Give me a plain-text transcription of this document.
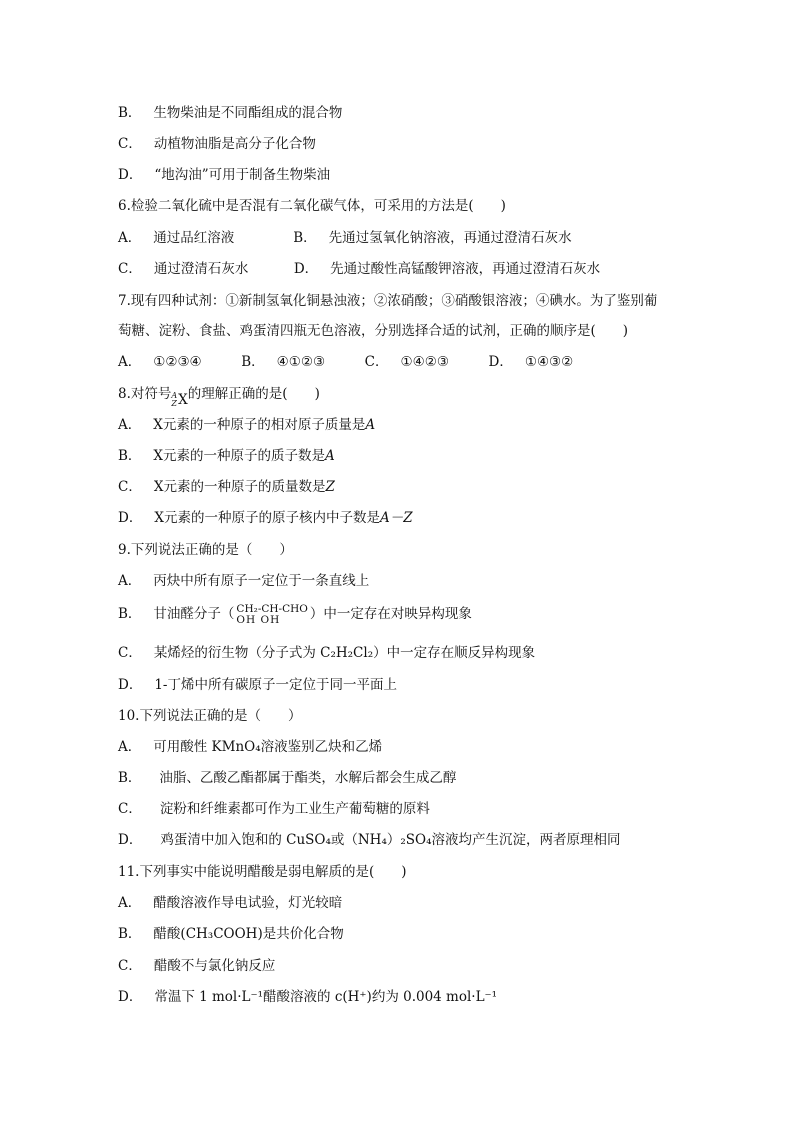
B． 生物柴油是不同酯组成的混合物
C． 动植物油脂是高分子化合物
D． “地沟油”可用于制备生物柴油
6.检验二氧化硫中是否混有二氧化碳气体，可采用的方法是(　　)
A． 通过品红溶液	B． 先通过氢氧化钠溶液，再通过澄清石灰水
C． 通过澄清石灰水	D． 先通过酸性高锰酸钾溶液，再通过澄清石灰水
7.现有四种试剂：①新制氢氧化铜悬浊液；②浓硝酸；③硝酸银溶液；④碘水。为了鉴别葡
萄糖、淀粉、食盐、鸡蛋清四瓶无色溶液，分别选择合适的试剂，正确的顺序是(　　)
A． ①②③④	B． ④①②③	C． ①④②③	D． ①④③②
8.对符号 A
Z X 的理解正确的是(　　)
A． X元素的一种原子的相对原子质量是A
B． X元素的一种原子的质子数是A
C． X元素的一种原子的质量数是Z
D． X元素的一种原子的原子核内中子数是A－Z
9.下列说法正确的是（　　）
A． 丙炔中所有原子一定位于一条直线上
B． 甘油醛分子（ CH₂-CH-CHO
OH OH	）中一定存在对映异构现象
C． 某烯烃的衍生物（分子式为 C₂H₂Cl₂）中一定存在顺反异构现象
D． 1-丁烯中所有碳原子一定位于同一平面上
10.下列说法正确的是（　　）
A． 可用酸性 KMnO₄溶液鉴别乙炔和乙烯
B． 油脂、乙酸乙酯都属于酯类，水解后都会生成乙醇
C． 淀粉和纤维素都可作为工业生产葡萄糖的原料
D． 鸡蛋清中加入饱和的 CuSO₄或（NH₄）₂SO₄溶液均产生沉淀，两者原理相同
11.下列事实中能说明醋酸是弱电解质的是(　　)
A． 醋酸溶液作导电试验，灯光较暗
B． 醋酸(CH₃COOH)是共价化合物
C． 醋酸不与氯化钠反应
D． 常温下 1 mol·L⁻¹醋酸溶液的 c(H⁺)约为 0.004 mol·L⁻¹
